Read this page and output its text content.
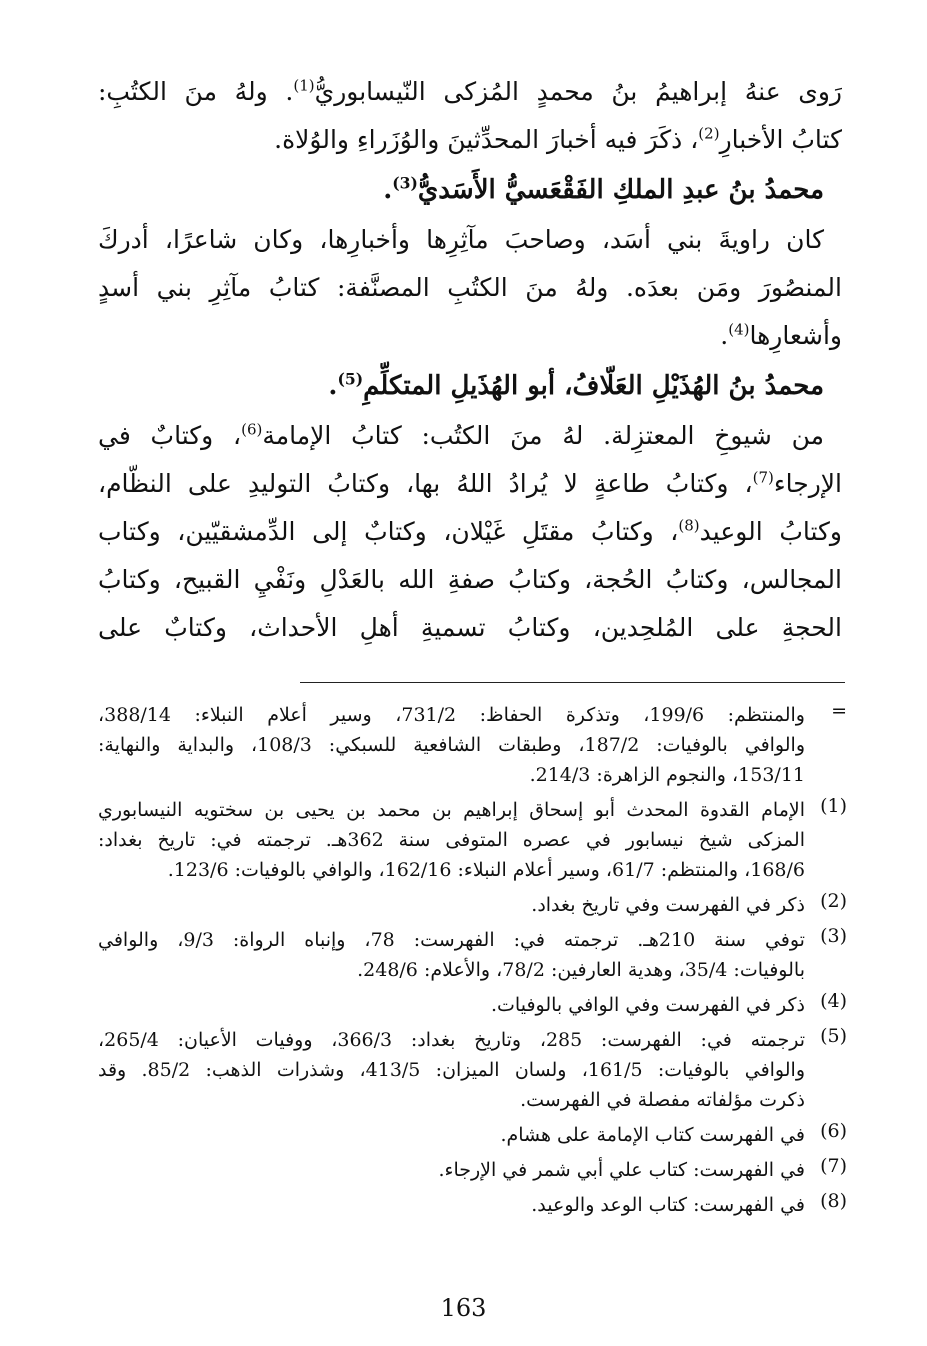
رَوى عنهُ إبراهيمُ بنُ محمدٍ المُزكى النّيسابوريُّ$^{(1)}$. ولهُ منَ الكتُبِ:
كتابُ الأخبارِ$^{(2)}$، ذكَرَ فيه أخبارَ المحدِّثينَ والوُزَراءِ والوُلاة.
محمدُ بنُ عبدِ الملكِ الفَقْعَسيُّ الأَسَديُّ$^{(3)}$.
كان راويةَ بني أسَد، وصاحبَ مآثِرِها وأخبارِها، وكان شاعرًا، أدركَ
المنصُورَ ومَن بعدَه. ولهُ منَ الكتُبِ المصنَّفة: كتابُ مآثِرِ بني أسدٍ
وأشعارِها$^{(4)}$.
محمدُ بنُ الهُذَيْلِ العَلّافُ، أبو الهُذَيلِ المتكلِّمِ$^{(5)}$.
من شيوخِ المعتزِلة. لهُ منَ الكتُب: كتابُ الإمامة$^{(6)}$، وكتابٌ في
الإرجاء$^{(7)}$، وكتابُ طاعةٍ لا يُرادُ اللهُ بها، وكتابُ التوليدِ على النظّام،
وكتابُ الوعيد$^{(8)}$، وكتابُ مقتَلِ غَيْلان، وكتابٌ إلى الدِّمشقيّين، وكتاب
المجالس، وكتابُ الحُجة، وكتابُ صفةِ الله بالعَدْلِ ونَفْيِ القبيح، وكتابُ
الحجةِ على المُلحِدين، وكتابُ تسميةِ أهلِ الأحداث، وكتابٌ على
=
والمنتظم: 199/6، وتذكرة الحفاظ: 731/2، وسير أعلام النبلاء: 388/14،
والوافي بالوفيات: 187/2، وطبقات الشافعية للسبكي: 108/3، والبداية والنهاية:
153/11، والنجوم الزاهرة: 214/3.
(1)
الإمام القدوة المحدث أبو إسحاق إبراهيم بن محمد بن يحيى بن سختويه النيسابوري
المزكى شيخ نيسابور في عصره المتوفى سنة 362هـ. ترجمته في: تاريخ بغداد:
168/6، والمنتظم: 61/7، وسير أعلام النبلاء: 162/16، والوافي بالوفيات: 123/6.
(2)
ذكر في الفهرست وفي تاريخ بغداد.
(3)
توفي سنة 210هـ. ترجمته في: الفهرست: 78، وإنباه الرواة: 9/3، والوافي
بالوفيات: 35/4، وهدية العارفين: 78/2، والأعلام: 248/6.
(4)
ذكر في الفهرست وفي الوافي بالوفيات.
(5)
ترجمته في: الفهرست: 285، وتاريخ بغداد: 366/3، ووفيات الأعيان: 265/4،
والوافي بالوفيات: 161/5، ولسان الميزان: 413/5، وشذرات الذهب: 85/2. وقد
ذكرت مؤلفاته مفصلة في الفهرست.
(6)
في الفهرست كتاب الإمامة على هشام.
(7)
في الفهرست: كتاب علي أبي شمر في الإرجاء.
(8)
في الفهرست: كتاب الوعد والوعيد.
163
